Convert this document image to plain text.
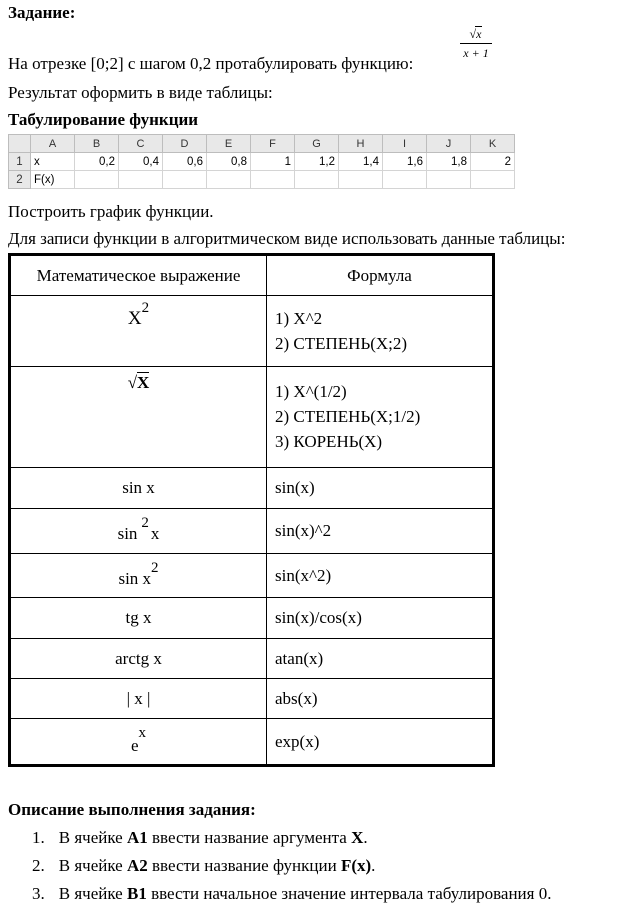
Задание:
На отрезке [0;2] с шагом 0,2 протабулировать функцию:
$\frac{√x}{x + 1}$
Результат оформить в виде таблицы:
Табулирование функции
	A	B	C	D	E	F	G	H	I	J	K
1	x	0,2	0,4	0,6	0,8	1	1,2	1,4	1,6	1,8	2
2	F(x)										
Построить график функции.
Для записи функции в алгоритмическом виде использовать данные таблицы:
Математическое выражение	Формула
X2	1) X^2
2) СТЕПЕНЬ(X;2)

√X	1) X^(1/2)
2) СТЕПЕНЬ(X;1/2)
3) КОРЕНЬ(X)

sin x	sin(x)
sin2x	sin(x)^2
sin x2	sin(x^2)
tg x	sin(x)/cos(x)
arctg x	atan(x)
| x |	abs(x)
ex	exp(x)
Описание выполнения задания:
1. В ячейке A1 ввести название аргумента X.
2. В ячейке A2 ввести название функции F(x).
3. В ячейке B1 ввести начальное значение интервала табулирования 0.
